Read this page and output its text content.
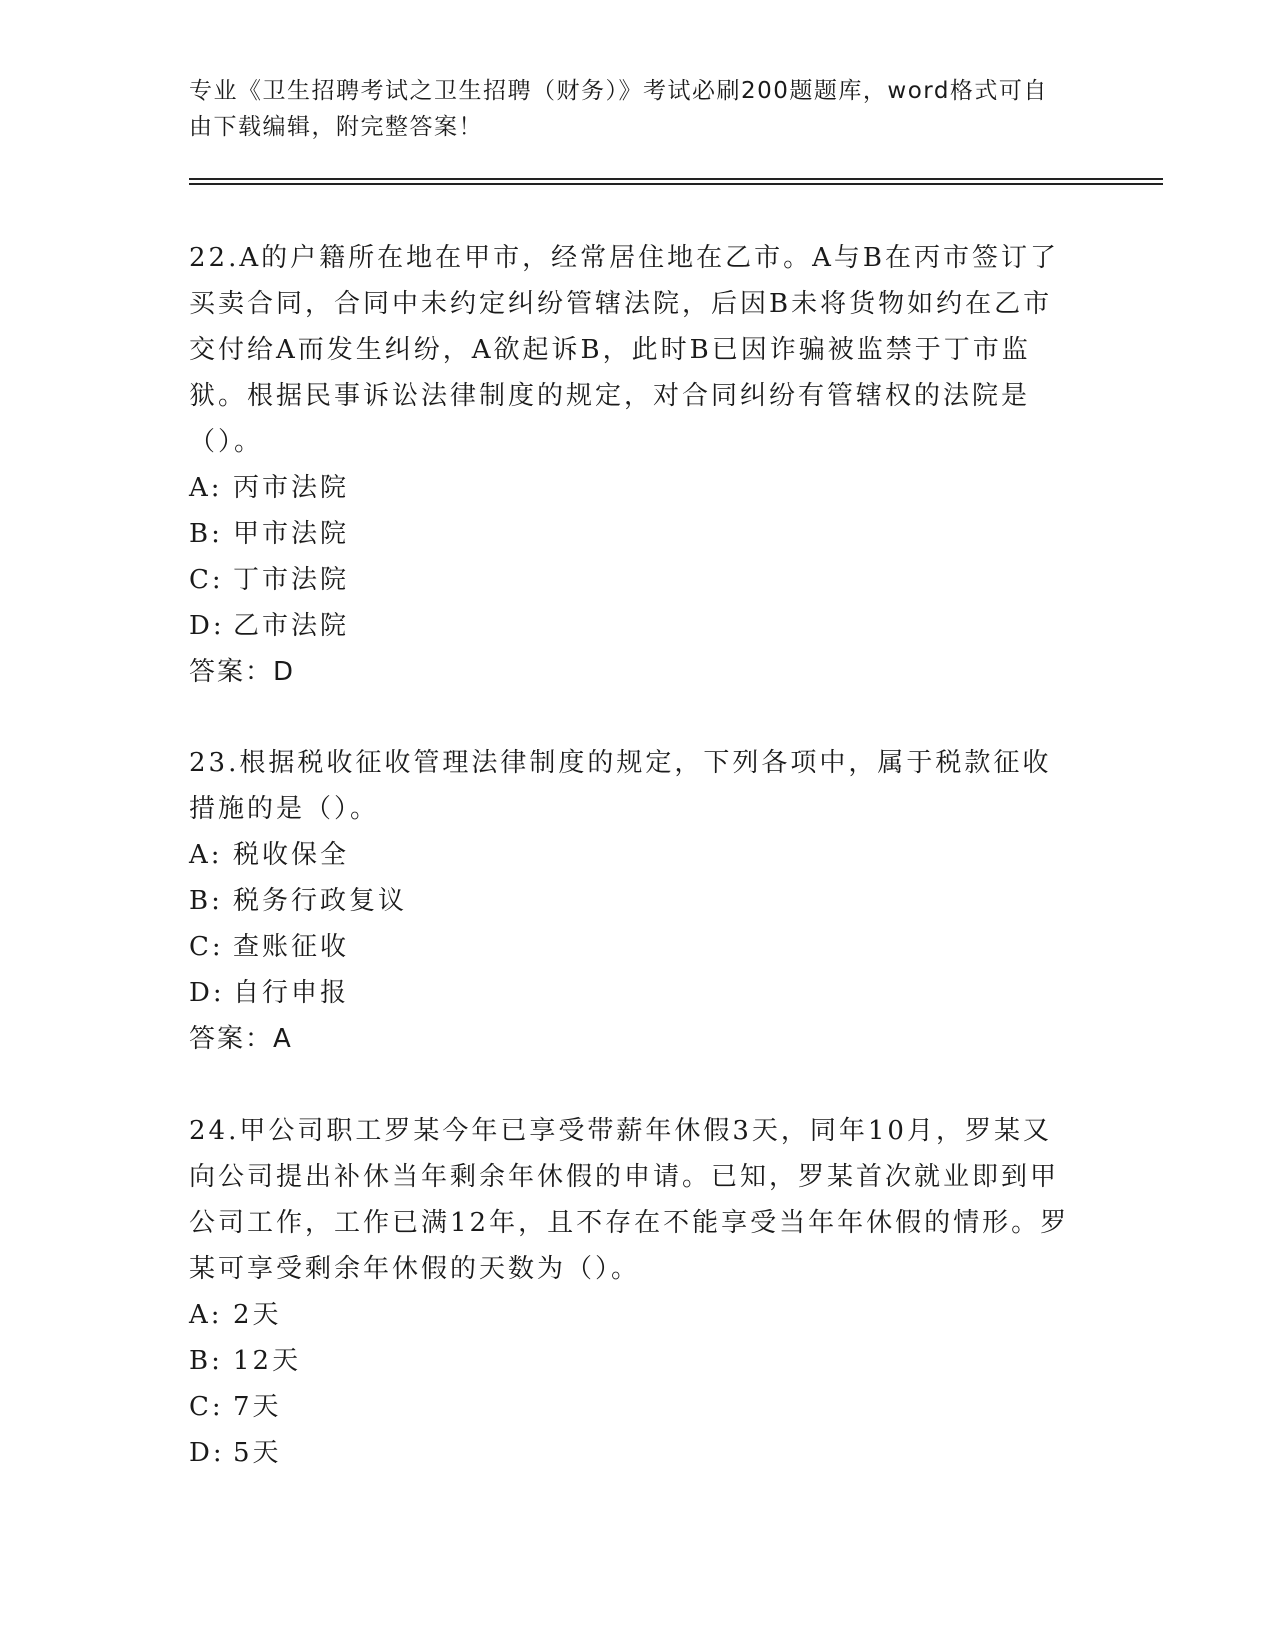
专业《卫生招聘考试之卫生招聘（财务）》考试必刷200题题库，word格式可自由下载编辑，附完整答案！

22.A的户籍所在地在甲市，经常居住地在乙市。A与B在丙市签订了买卖合同，合同中未约定纠纷管辖法院，后因B未将货物如约在乙市交付给A而发生纠纷，A欲起诉B，此时B已因诈骗被监禁于丁市监狱。根据民事诉讼法律制度的规定，对合同纠纷有管辖权的法院是（）。

A: 丙市法院
B: 甲市法院
C: 丁市法院
D: 乙市法院
答案：D

23.根据税收征收管理法律制度的规定，下列各项中，属于税款征收措施的是（）。

A: 税收保全
B: 税务行政复议
C: 查账征收
D: 自行申报
答案：A

24.甲公司职工罗某今年已享受带薪年休假3天，同年10月，罗某又向公司提出补休当年剩余年休假的申请。已知，罗某首次就业即到甲公司工作，工作已满12年，且不存在不能享受当年年休假的情形。罗某可享受剩余年休假的天数为（）。

A: 2天
B: 12天
C: 7天
D: 5天
